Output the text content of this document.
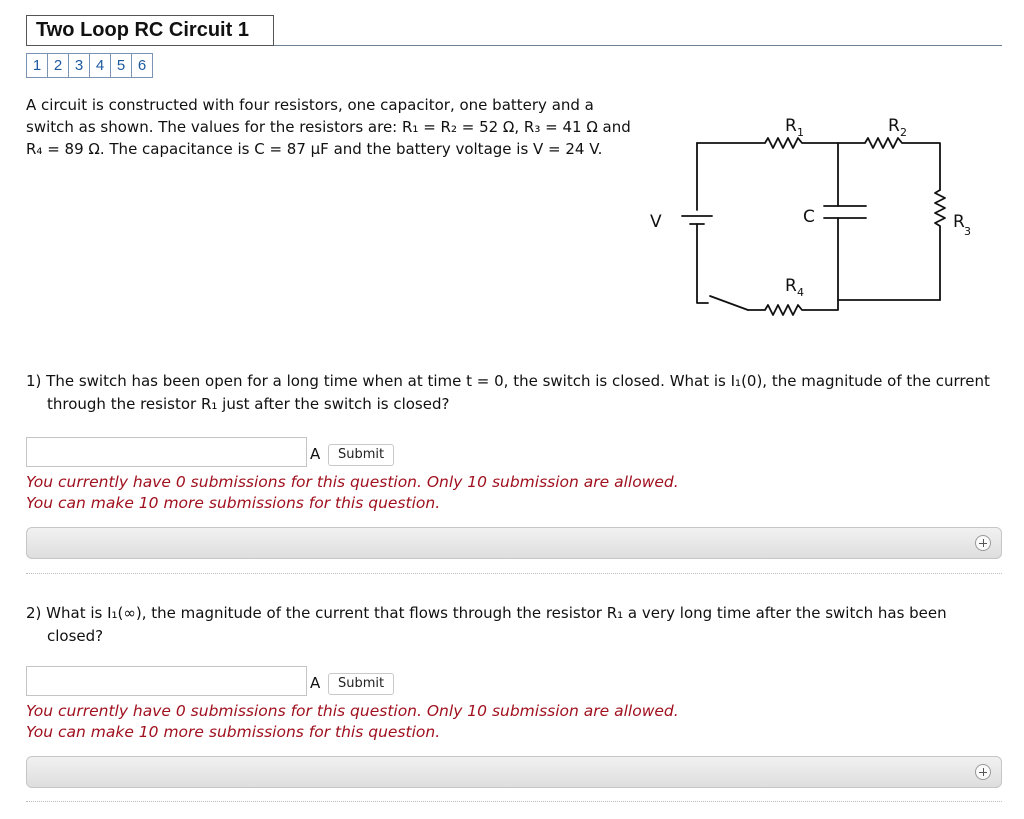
Two Loop RC Circuit 1
1 2 3 4 5 6
A circuit is constructed with four resistors, one capacitor, one battery and a switch as shown. The values for the resistors are: R₁ = R₂ = 52 Ω, R₃ = 41 Ω and R₄ = 89 Ω. The capacitance is C = 87 μF and the battery voltage is V = 24 V.
V	C
R 1	R 2
R 3
R 4
1) The switch has been open for a long time when at time t = 0, the switch is closed. What is I₁(0), the magnitude of the current through the resistor R₁ just after the switch is closed?
A	Submit
You currently have 0 submissions for this question. Only 10 submission are allowed.
You can make 10 more submissions for this question.
2) What is I₁(∞), the magnitude of the current that flows through the resistor R₁ a very long time after the switch has been closed?
A	Submit
You currently have 0 submissions for this question. Only 10 submission are allowed.
You can make 10 more submissions for this question.
